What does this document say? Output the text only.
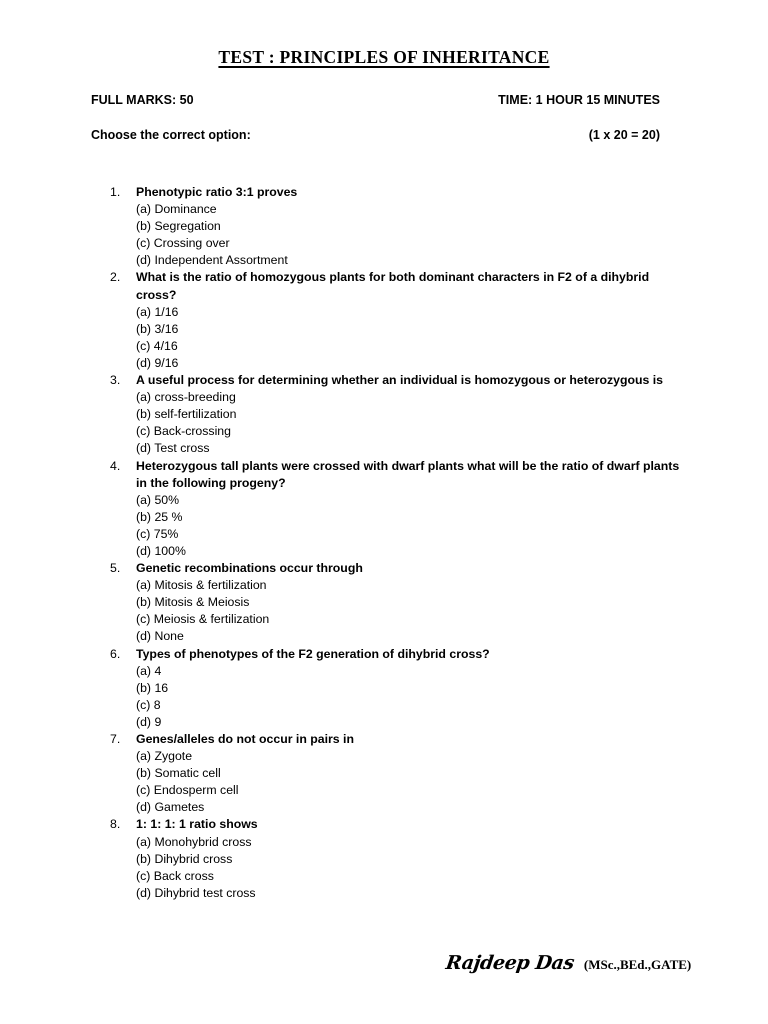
TEST : PRINCIPLES OF INHERITANCE
FULL MARKS: 50	TIME: 1 HOUR 15 MINUTES
Choose the correct option:	(1 x 20 = 20)
1.	Phenotypic ratio 3:1 proves
(a) Dominance
(b) Segregation
(c) Crossing over
(d) Independent Assortment
2.	What is the ratio of homozygous plants for both dominant characters in F2 of a dihybrid cross?
(a) 1/16
(b) 3/16
(c) 4/16
(d) 9/16
3.	A useful process for determining whether an individual is homozygous or heterozygous is
(a) cross-breeding
(b) self-fertilization
(c) Back-crossing
(d) Test cross
4.	Heterozygous tall plants were crossed with dwarf plants what will be the ratio of dwarf plants in the following progeny?
(a) 50%
(b) 25 %
(c) 75%
(d) 100%
5.	Genetic recombinations occur through
(a) Mitosis & fertilization
(b) Mitosis & Meiosis
(c) Meiosis & fertilization
(d) None
6.	Types of phenotypes of the F2 generation of dihybrid cross?
(a) 4
(b) 16
(c) 8
(d) 9
7.	Genes/alleles do not occur in pairs in
(a) Zygote
(b) Somatic cell
(c) Endosperm cell
(d) Gametes
8.	1: 1: 1: 1 ratio shows
(a) Monohybrid cross
(b) Dihybrid cross
(c) Back cross
(d) Dihybrid test cross
Rajdeep Das (MSc.,BEd.,GATE)
